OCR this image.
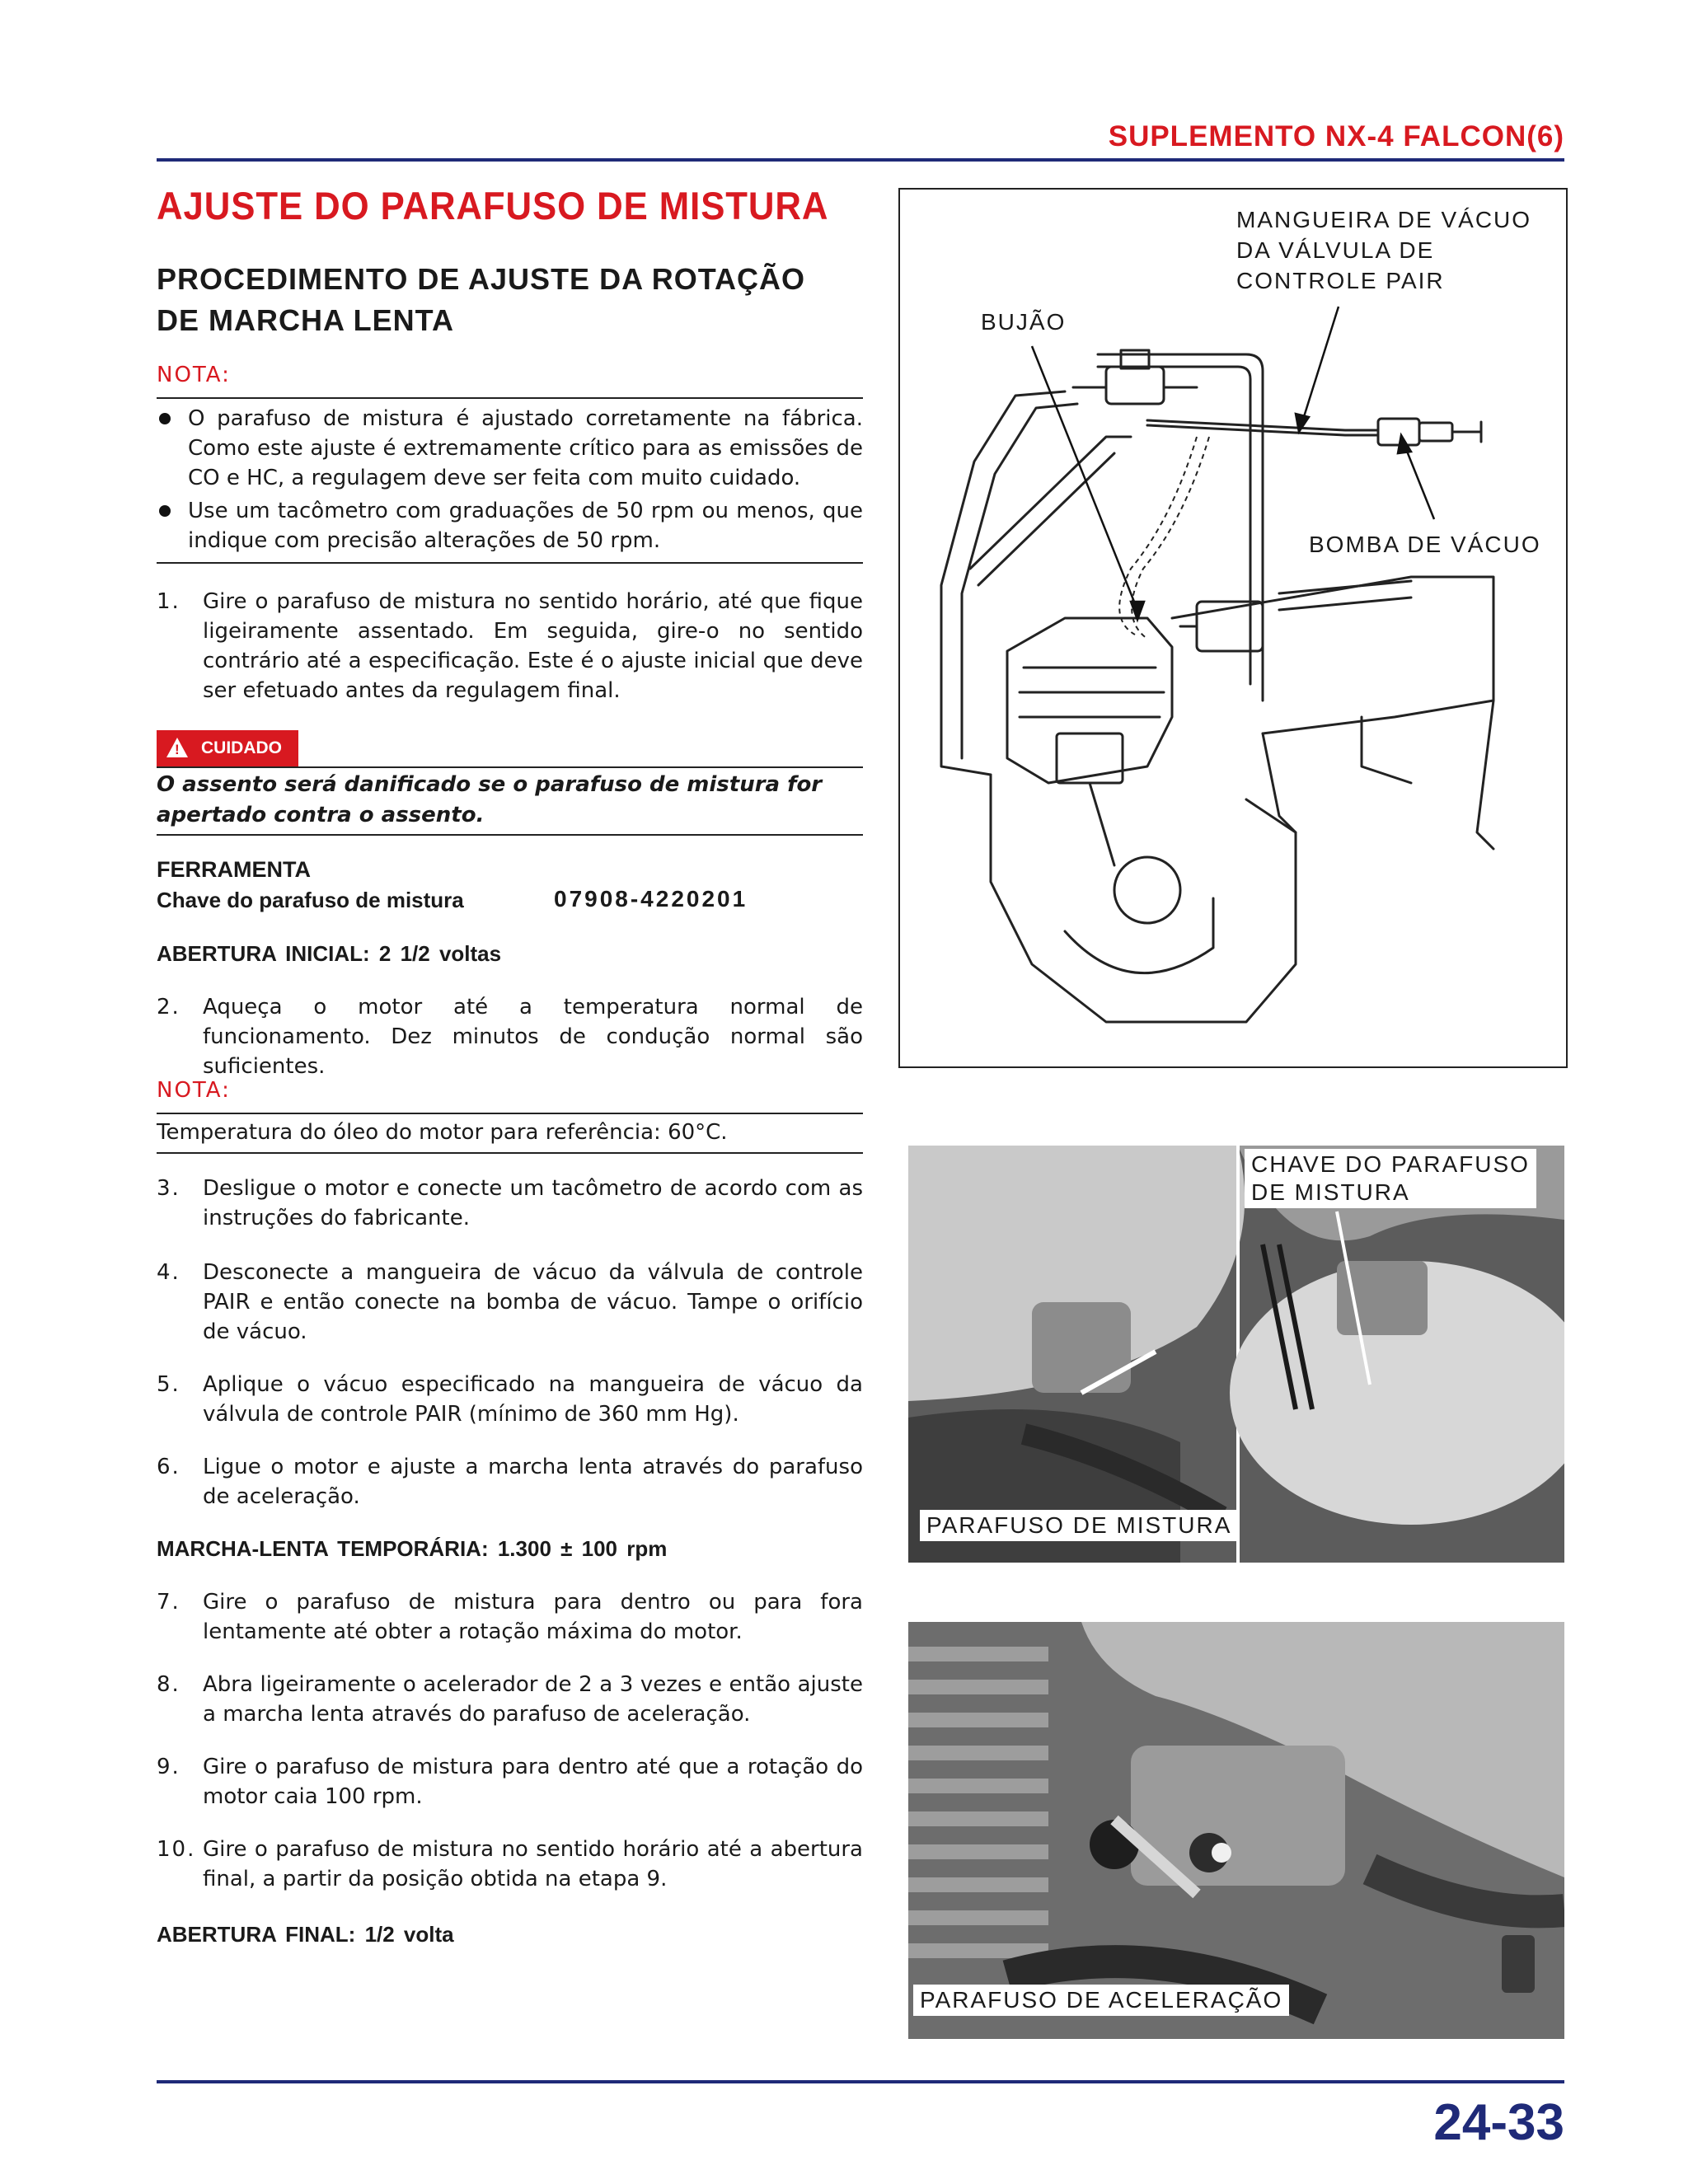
SUPLEMENTO NX-4 FALCON(6)
AJUSTE DO PARAFUSO DE MISTURA
PROCEDIMENTO DE AJUSTE DA ROTAÇÃO
DE MARCHA LENTA
NOTA:
O parafuso de mistura é ajustado corretamente na fábrica. Como este ajuste é extremamente crítico para as emissões de CO e HC, a regulagem deve ser feita com muito cuidado.
Use um tacômetro com graduações de 50 rpm ou menos, que indique com precisão alterações de 50 rpm.
1. Gire o parafuso de mistura no sentido horário, até que fique ligeiramente assentado. Em seguida, gire-o no sentido contrário até a especificação. Este é o ajuste inicial que deve ser efetuado antes da regulagem final.
! CUIDADO
O assento será danificado se o parafuso de mistura for apertado contra o assento.
FERRAMENTA
Chave do parafuso de mistura	07908-4220201
ABERTURA INICIAL: 2 1/2 voltas
2. Aqueça o motor até a temperatura normal de funcionamento. Dez minutos de condução normal são suficientes.
NOTA:
Temperatura do óleo do motor para referência: 60°C.
3. Desligue o motor e conecte um tacômetro de acordo com as instruções do fabricante.
4. Desconecte a mangueira de vácuo da válvula de controle PAIR e então conecte na bomba de vácuo. Tampe o orifício de vácuo.
5. Aplique o vácuo especificado na mangueira de vácuo da válvula de controle PAIR (mínimo de 360 mm Hg).
6. Ligue o motor e ajuste a marcha lenta através do parafuso de aceleração.
MARCHA-LENTA TEMPORÁRIA: 1.300 ± 100 rpm
7. Gire o parafuso de mistura para dentro ou para fora lentamente até obter a rotação máxima do motor.
8. Abra ligeiramente o acelerador de 2 a 3 vezes e então ajuste a marcha lenta através do parafuso de aceleração.
9. Gire o parafuso de mistura para dentro até que a rotação do motor caia 100 rpm.
10. Gire o parafuso de mistura no sentido horário até a abertura final, a partir da posição obtida na etapa 9.
ABERTURA FINAL: 1/2 volta
MANGUEIRA DE VÁCUO
DA VÁLVULA DE
CONTROLE PAIR
BUJÃO
BOMBA DE VÁCUO
CHAVE DO PARAFUSO
DE MISTURA
PARAFUSO DE MISTURA
PARAFUSO DE ACELERAÇÃO
24-33
